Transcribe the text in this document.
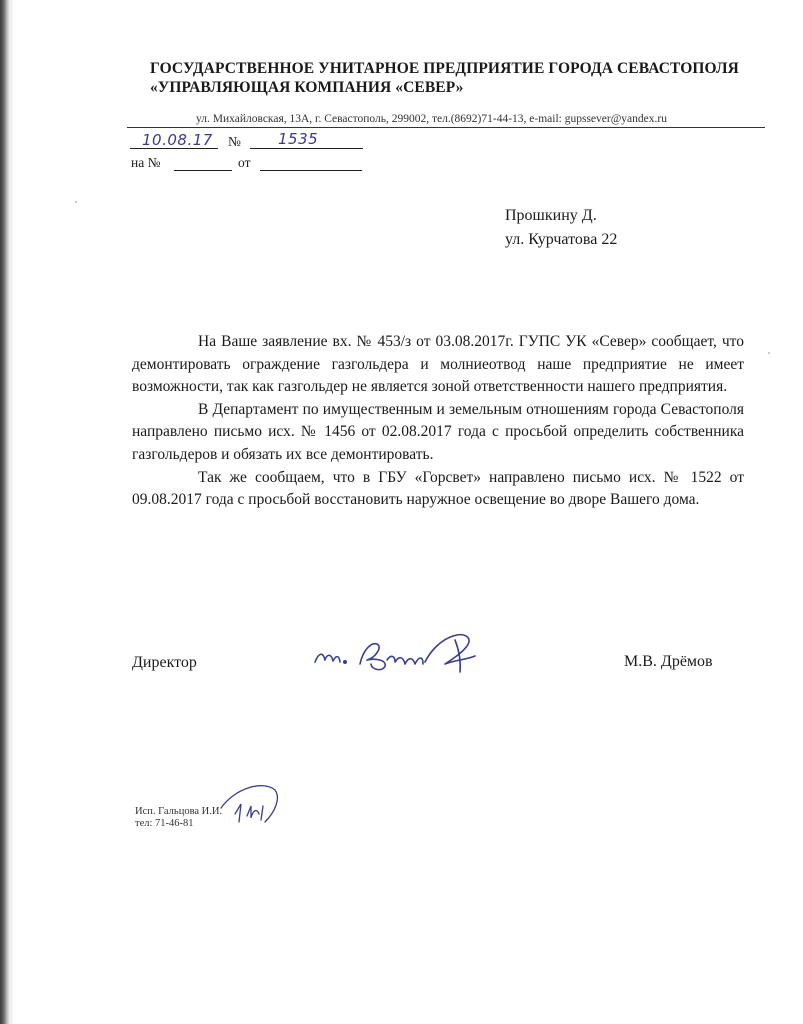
ГОСУДАРСТВЕННОЕ УНИТАРНОЕ ПРЕДПРИЯТИЕ ГОРОДА СЕВАСТОПОЛЯ
«УПРАВЛЯЮЩАЯ КОМПАНИЯ «СЕВЕР»
ул. Михайловская, 13А, г. Севастополь, 299002, тел.(8692)71-44-13, e-mail: gupssever@yandex.ru
10.08.17 № 1535
на №	от
Прошкину Д.
ул. Курчатова 22

На Ваше заявление вх. № 453/з от 03.08.2017г. ГУПС УК «Север» сообщает, что демонтировать ограждение газгольдера и молниеотвод наше предприятие не имеет возможности, так как газгольдер не является зоной ответственности нашего предприятия.

В Департамент по имущественным и земельным отношениям города Севастополя направлено письмо исх. № 1456 от 02.08.2017 года с просьбой определить собственника газгольдеров и обязать их все демонтировать.

Так же сообщаем, что в ГБУ «Горсвет» направлено письмо исх. № 1522 от 09.08.2017 года с просьбой восстановить наружное освещение во дворе Вашего дома.

Директор	М.В. Дрёмов
Исп. Гальцова И.И.
тел: 71-46-81
